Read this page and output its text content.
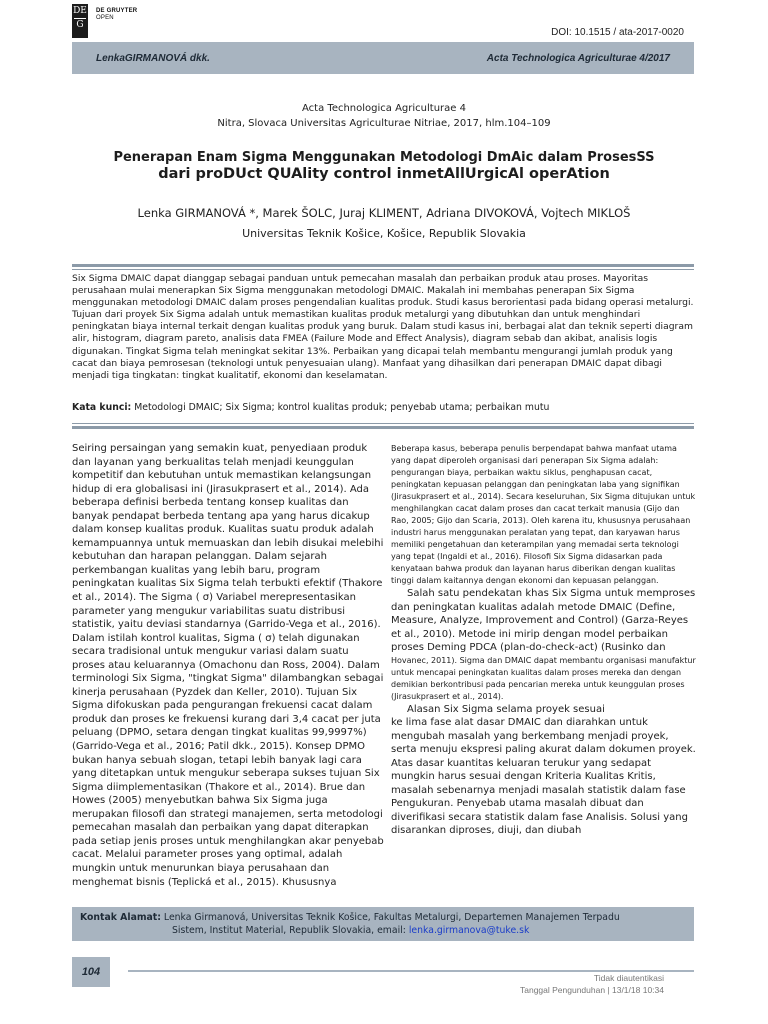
DE
G
DE GRUYTER
OPEN
DOI: 10.1515 / ata-2017-0020
LenkaGIRMANOVÁ dkk.	Acta Technologica Agriculturae 4/2017
Acta Technologica Agriculturae 4
Nitra, Slovaca Universitas Agriculturae Nitriae, 2017, hlm.104–109
Penerapan Enam Sigma Menggunakan Metodologi DmAic dalam ProsesSS
dari proDUct QUAlity control inmetAllUrgicAl operAtion
Lenka GIRMANOVÁ *, Marek ŠOLC, Juraj KLIMENT, Adriana DIVOKOVÁ, Vojtech MIKLOŠ
Universitas Teknik Košice, Košice, Republik Slovakia
Six Sigma DMAIC dapat dianggap sebagai panduan untuk pemecahan masalah dan perbaikan produk atau proses. Mayoritas perusahaan mulai menerapkan Six Sigma menggunakan metodologi DMAIC. Makalah ini membahas penerapan Six Sigma menggunakan metodologi DMAIC dalam proses pengendalian kualitas produk. Studi kasus berorientasi pada bidang operasi metalurgi. Tujuan dari proyek Six Sigma adalah untuk memastikan kualitas produk metalurgi yang dibutuhkan dan untuk menghindari peningkatan biaya internal terkait dengan kualitas produk yang buruk. Dalam studi kasus ini, berbagai alat dan teknik seperti diagram alir, histogram, diagram pareto, analisis data FMEA (Failure Mode and Effect Analysis), diagram sebab dan akibat, analisis logis digunakan. Tingkat Sigma telah meningkat sekitar 13%. Perbaikan yang dicapai telah membantu mengurangi jumlah produk yang cacat dan biaya pemrosesan (teknologi untuk penyesuaian ulang). Manfaat yang dihasilkan dari penerapan DMAIC dapat dibagi menjadi tiga tingkatan: tingkat kualitatif, ekonomi dan keselamatan.
Kata kunci: Metodologi DMAIC; Six Sigma; kontrol kualitas produk; penyebab utama; perbaikan mutu

Seiring persaingan yang semakin kuat, penyediaan produk dan layanan yang berkualitas telah menjadi keunggulan kompetitif dan kebutuhan untuk memastikan kelangsungan hidup di era globalisasi ini (Jirasukprasert et al., 2014). Ada beberapa definisi berbeda tentang konsep kualitas dan banyak pendapat berbeda tentang apa yang harus dicakup dalam konsep kualitas produk. Kualitas suatu produk adalah kemampuannya untuk memuaskan dan lebih disukai melebihi kebutuhan dan harapan pelanggan. Dalam sejarah perkembangan kualitas yang lebih baru, program peningkatan kualitas Six Sigma telah terbukti efektif (Thakore et al., 2014). The Sigma ( σ) Variabel merepresentasikan parameter yang mengukur variabilitas suatu distribusi statistik, yaitu deviasi standarnya (Garrido-Vega et al., 2016). Dalam istilah kontrol kualitas, Sigma ( σ) telah digunakan secara tradisional untuk mengukur variasi dalam suatu proses atau keluarannya (Omachonu dan Ross, 2004). Dalam terminologi Six Sigma, "tingkat Sigma" dilambangkan sebagai kinerja perusahaan (Pyzdek dan Keller, 2010). Tujuan Six Sigma difokuskan pada pengurangan frekuensi cacat dalam produk dan proses ke frekuensi kurang dari 3,4 cacat per juta peluang (DPMO, setara dengan tingkat kualitas 99,9997%) (Garrido-Vega et al., 2016; Patil dkk., 2015). Konsep DPMO bukan hanya sebuah slogan, tetapi lebih banyak lagi cara yang ditetapkan untuk mengukur seberapa sukses tujuan Six Sigma diimplementasikan (Thakore et al., 2014). Brue dan Howes (2005) menyebutkan bahwa Six Sigma juga merupakan filosofi dan strategi manajemen, serta metodologi pemecahan masalah dan perbaikan yang dapat diterapkan pada setiap jenis proses untuk menghilangkan akar penyebab cacat. Melalui parameter proses yang optimal, adalah mungkin untuk menurunkan biaya perusahaan dan menghemat bisnis (Teplická et al., 2015). Khususnya

Beberapa kasus, beberapa penulis berpendapat bahwa manfaat utama yang dapat diperoleh organisasi dari penerapan Six Sigma adalah: pengurangan biaya, perbaikan waktu siklus, penghapusan cacat, peningkatan kepuasan pelanggan dan peningkatan laba yang signifikan (Jirasukprasert et al., 2014). Secara keseluruhan, Six Sigma ditujukan untuk menghilangkan cacat dalam proses dan cacat terkait manusia (Gijo dan Rao, 2005; Gijo dan Scaria, 2013). Oleh karena itu, khususnya perusahaan industri harus menggunakan peralatan yang tepat, dan karyawan harus memiliki pengetahuan dan keterampilan yang memadai serta teknologi yang tepat (Ingaldi et al., 2016). Filosofi Six Sigma didasarkan pada kenyataan bahwa produk dan layanan harus diberikan dengan kualitas tinggi dalam kaitannya dengan ekonomi dan kepuasan pelanggan.

Salah satu pendekatan khas Six Sigma untuk memproses dan peningkatan kualitas adalah metode DMAIC (Define, Measure, Analyze, Improvement and Control) (Garza-Reyes et al., 2010). Metode ini mirip dengan model perbaikan proses Deming PDCA (plan-do-check-act) (Rusinko dan

Hovanec, 2011). Sigma dan DMAIC dapat membantu organisasi manufaktur untuk mencapai peningkatan kualitas dalam proses mereka dan dengan demikian berkontribusi pada pencarian mereka untuk keunggulan proses (Jirasukprasert et al., 2014).

Alasan Six Sigma selama proyek sesuai

ke lima fase alat dasar DMAIC dan diarahkan untuk mengubah masalah yang berkembang menjadi proyek, serta menuju ekspresi paling akurat dalam dokumen proyek. Atas dasar kuantitas keluaran terukur yang sedapat mungkin harus sesuai dengan Kriteria Kualitas Kritis, masalah sebenarnya menjadi masalah statistik dalam fase Pengukuran. Penyebab utama masalah dibuat dan diverifikasi secara statistik dalam fase Analisis. Solusi yang disarankan diproses, diuji, dan diubah

Kontak Alamat: Lenka Girmanová, Universitas Teknik Košice, Fakultas Metalurgi, Departemen Manajemen Terpadu
Sistem, Institut Material, Republik Slovakia, email: lenka.girmanova@tuke.sk
104	Tidak diautentikasi
Tanggal Pengunduhan | 13/1/18 10:34
